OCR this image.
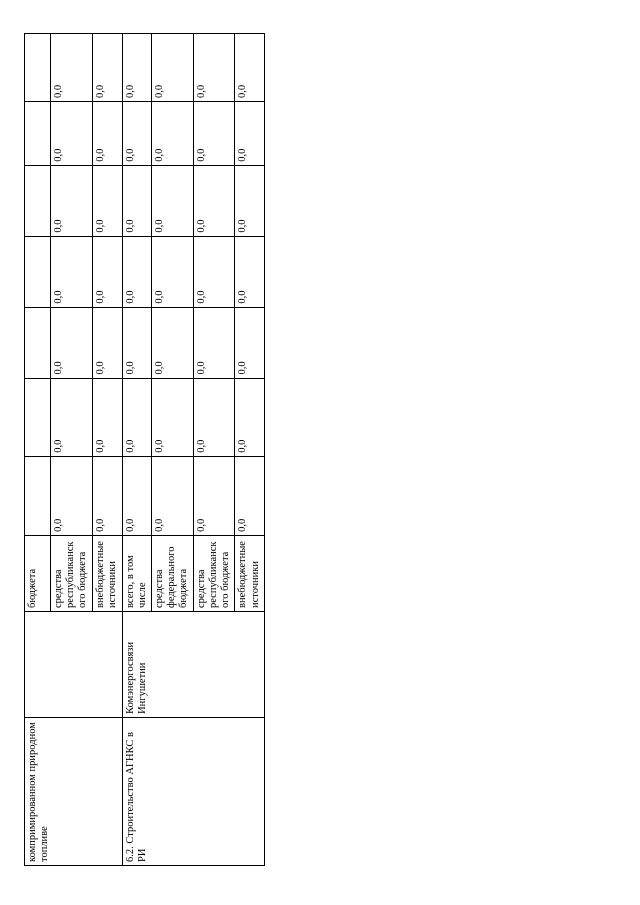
компримированном природном топливе		бюджета							
		средства республиканского бюджета	0,0	0,0	0,0	0,0	0,0	0,0	0,0
		внебюджетные источники	0,0	0,0	0,0	0,0	0,0	0,0	0,0
6.2. Строительство АГНКС в РИ	Комэнергосвязи Ингушетии	всего, в том числе	0,0	0,0	0,0	0,0	0,0	0,0	0,0
		средства федерального бюджета	0,0	0,0	0,0	0,0	0,0	0,0	0,0
		средства республиканского бюджета	0,0	0,0	0,0	0,0	0,0	0,0	0,0
		внебюджетные источники	0,0	0,0	0,0	0,0	0,0	0,0	0,0
